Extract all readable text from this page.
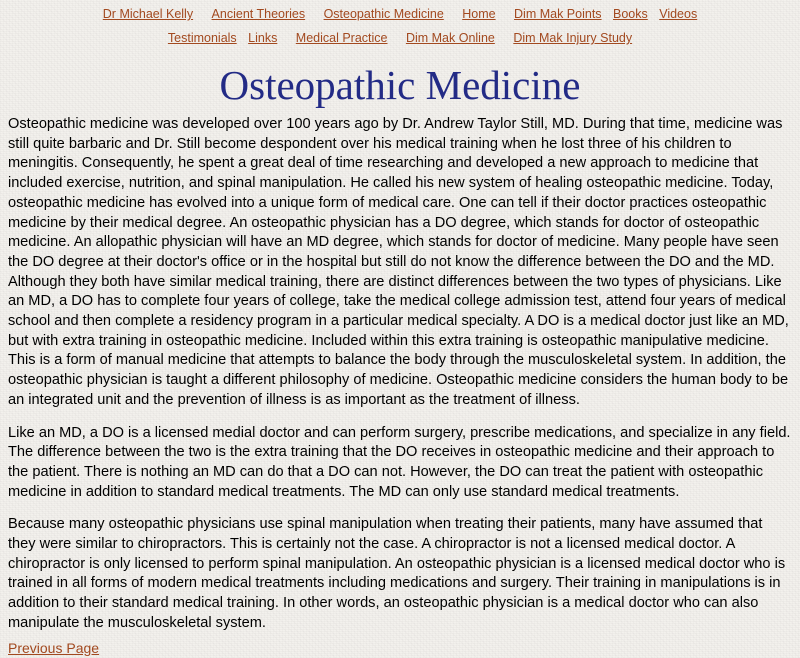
Dr Michael Kelly Ancient Theories Osteopathic Medicine Home Dim Mak Points Books Videos
Testimonials Links Medical Practice Dim Mak Online Dim Mak Injury Study
Osteopathic Medicine

Osteopathic medicine was developed over 100 years ago by Dr. Andrew Taylor Still, MD. During that time, medicine was still quite barbaric and Dr. Still become despondent over his medical training when he lost three of his children to meningitis. Consequently, he spent a great deal of time researching and developed a new approach to medicine that included exercise, nutrition, and spinal manipulation. He called his new system of healing osteopathic medicine. Today, osteopathic medicine has evolved into a unique form of medical care. One can tell if their doctor practices osteopathic medicine by their medical degree. An osteopathic physician has a DO degree, which stands for doctor of osteopathic medicine. An allopathic physician will have an MD degree, which stands for doctor of medicine. Many people have seen the DO degree at their doctor's office or in the hospital but still do not know the difference between the DO and the MD. Although they both have similar medical training, there are distinct differences between the two types of physicians. Like an MD, a DO has to complete four years of college, take the medical college admission test, attend four years of medical school and then complete a residency program in a particular medical specialty. A DO is a medical doctor just like an MD, but with extra training in osteopathic medicine. Included within this extra training is osteopathic manipulative medicine. This is a form of manual medicine that attempts to balance the body through the musculoskeletal system. In addition, the osteopathic physician is taught a different philosophy of medicine. Osteopathic medicine considers the human body to be an integrated unit and the prevention of illness is as important as the treatment of illness.

Like an MD, a DO is a licensed medial doctor and can perform surgery, prescribe medications, and specialize in any field. The difference between the two is the extra training that the DO receives in osteopathic medicine and their approach to the patient. There is nothing an MD can do that a DO can not. However, the DO can treat the patient with osteopathic medicine in addition to standard medical treatments. The MD can only use standard medical treatments.

Because many osteopathic physicians use spinal manipulation when treating their patients, many have assumed that they were similar to chiropractors. This is certainly not the case. A chiropractor is not a licensed medical doctor. A chiropractor is only licensed to perform spinal manipulation. An osteopathic physician is a licensed medical doctor who is trained in all forms of modern medical treatments including medications and surgery. Their training in manipulations is in addition to their standard medical training. In other words, an osteopathic physician is a medical doctor who can also manipulate the musculoskeletal system.

Previous Page
